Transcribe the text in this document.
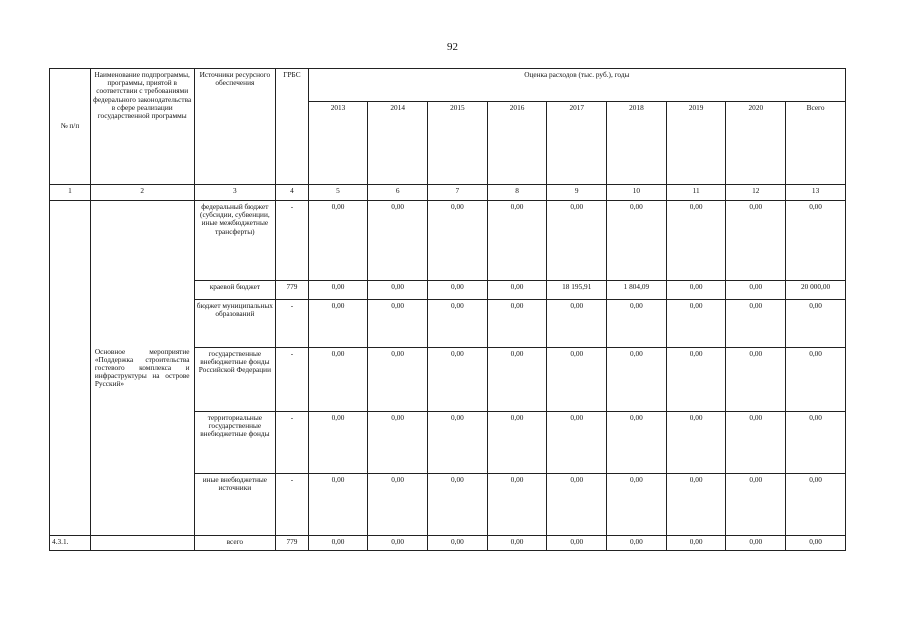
92
№ п/п	Наименование подпрограммы, программы, приятой в соответствии с требованиями федерального законодательства в сфере реализации государственной программы	Источники ресурсного обеспечения	ГРБС	Оценка расходов (тыс. руб.), годы								
				2013	2014	2015	2016	2017	2018	2019	2020	Всего
1	2	3	4	5	6	7	8	9	10	11	12	13
	Основное мероприятие «Поддержка строительства гостевого комплекса и инфраструктуры на острове Русский»	федеральный бюджет (субсидии, субвенции, иные межбюджетные трансферты)	-	0,00	0,00	0,00	0,00	0,00	0,00	0,00	0,00	0,00
		краевой бюджет	779	0,00	0,00	0,00	0,00	18 195,91	1 804,09	0,00	0,00	20 000,00
		бюджет муниципальных образований	-	0,00	0,00	0,00	0,00	0,00	0,00	0,00	0,00	0,00
		государственные внебюджетные фонды Российской Федерации	-	0,00	0,00	0,00	0,00	0,00	0,00	0,00	0,00	0,00
		территориальные государственные внебюджетные фонды	-	0,00	0,00	0,00	0,00	0,00	0,00	0,00	0,00	0,00
		иные внебюджетные источники	-	0,00	0,00	0,00	0,00	0,00	0,00	0,00	0,00	0,00
4.3.1.		всего	779	0,00	0,00	0,00	0,00	0,00	0,00	0,00	0,00	0,00
